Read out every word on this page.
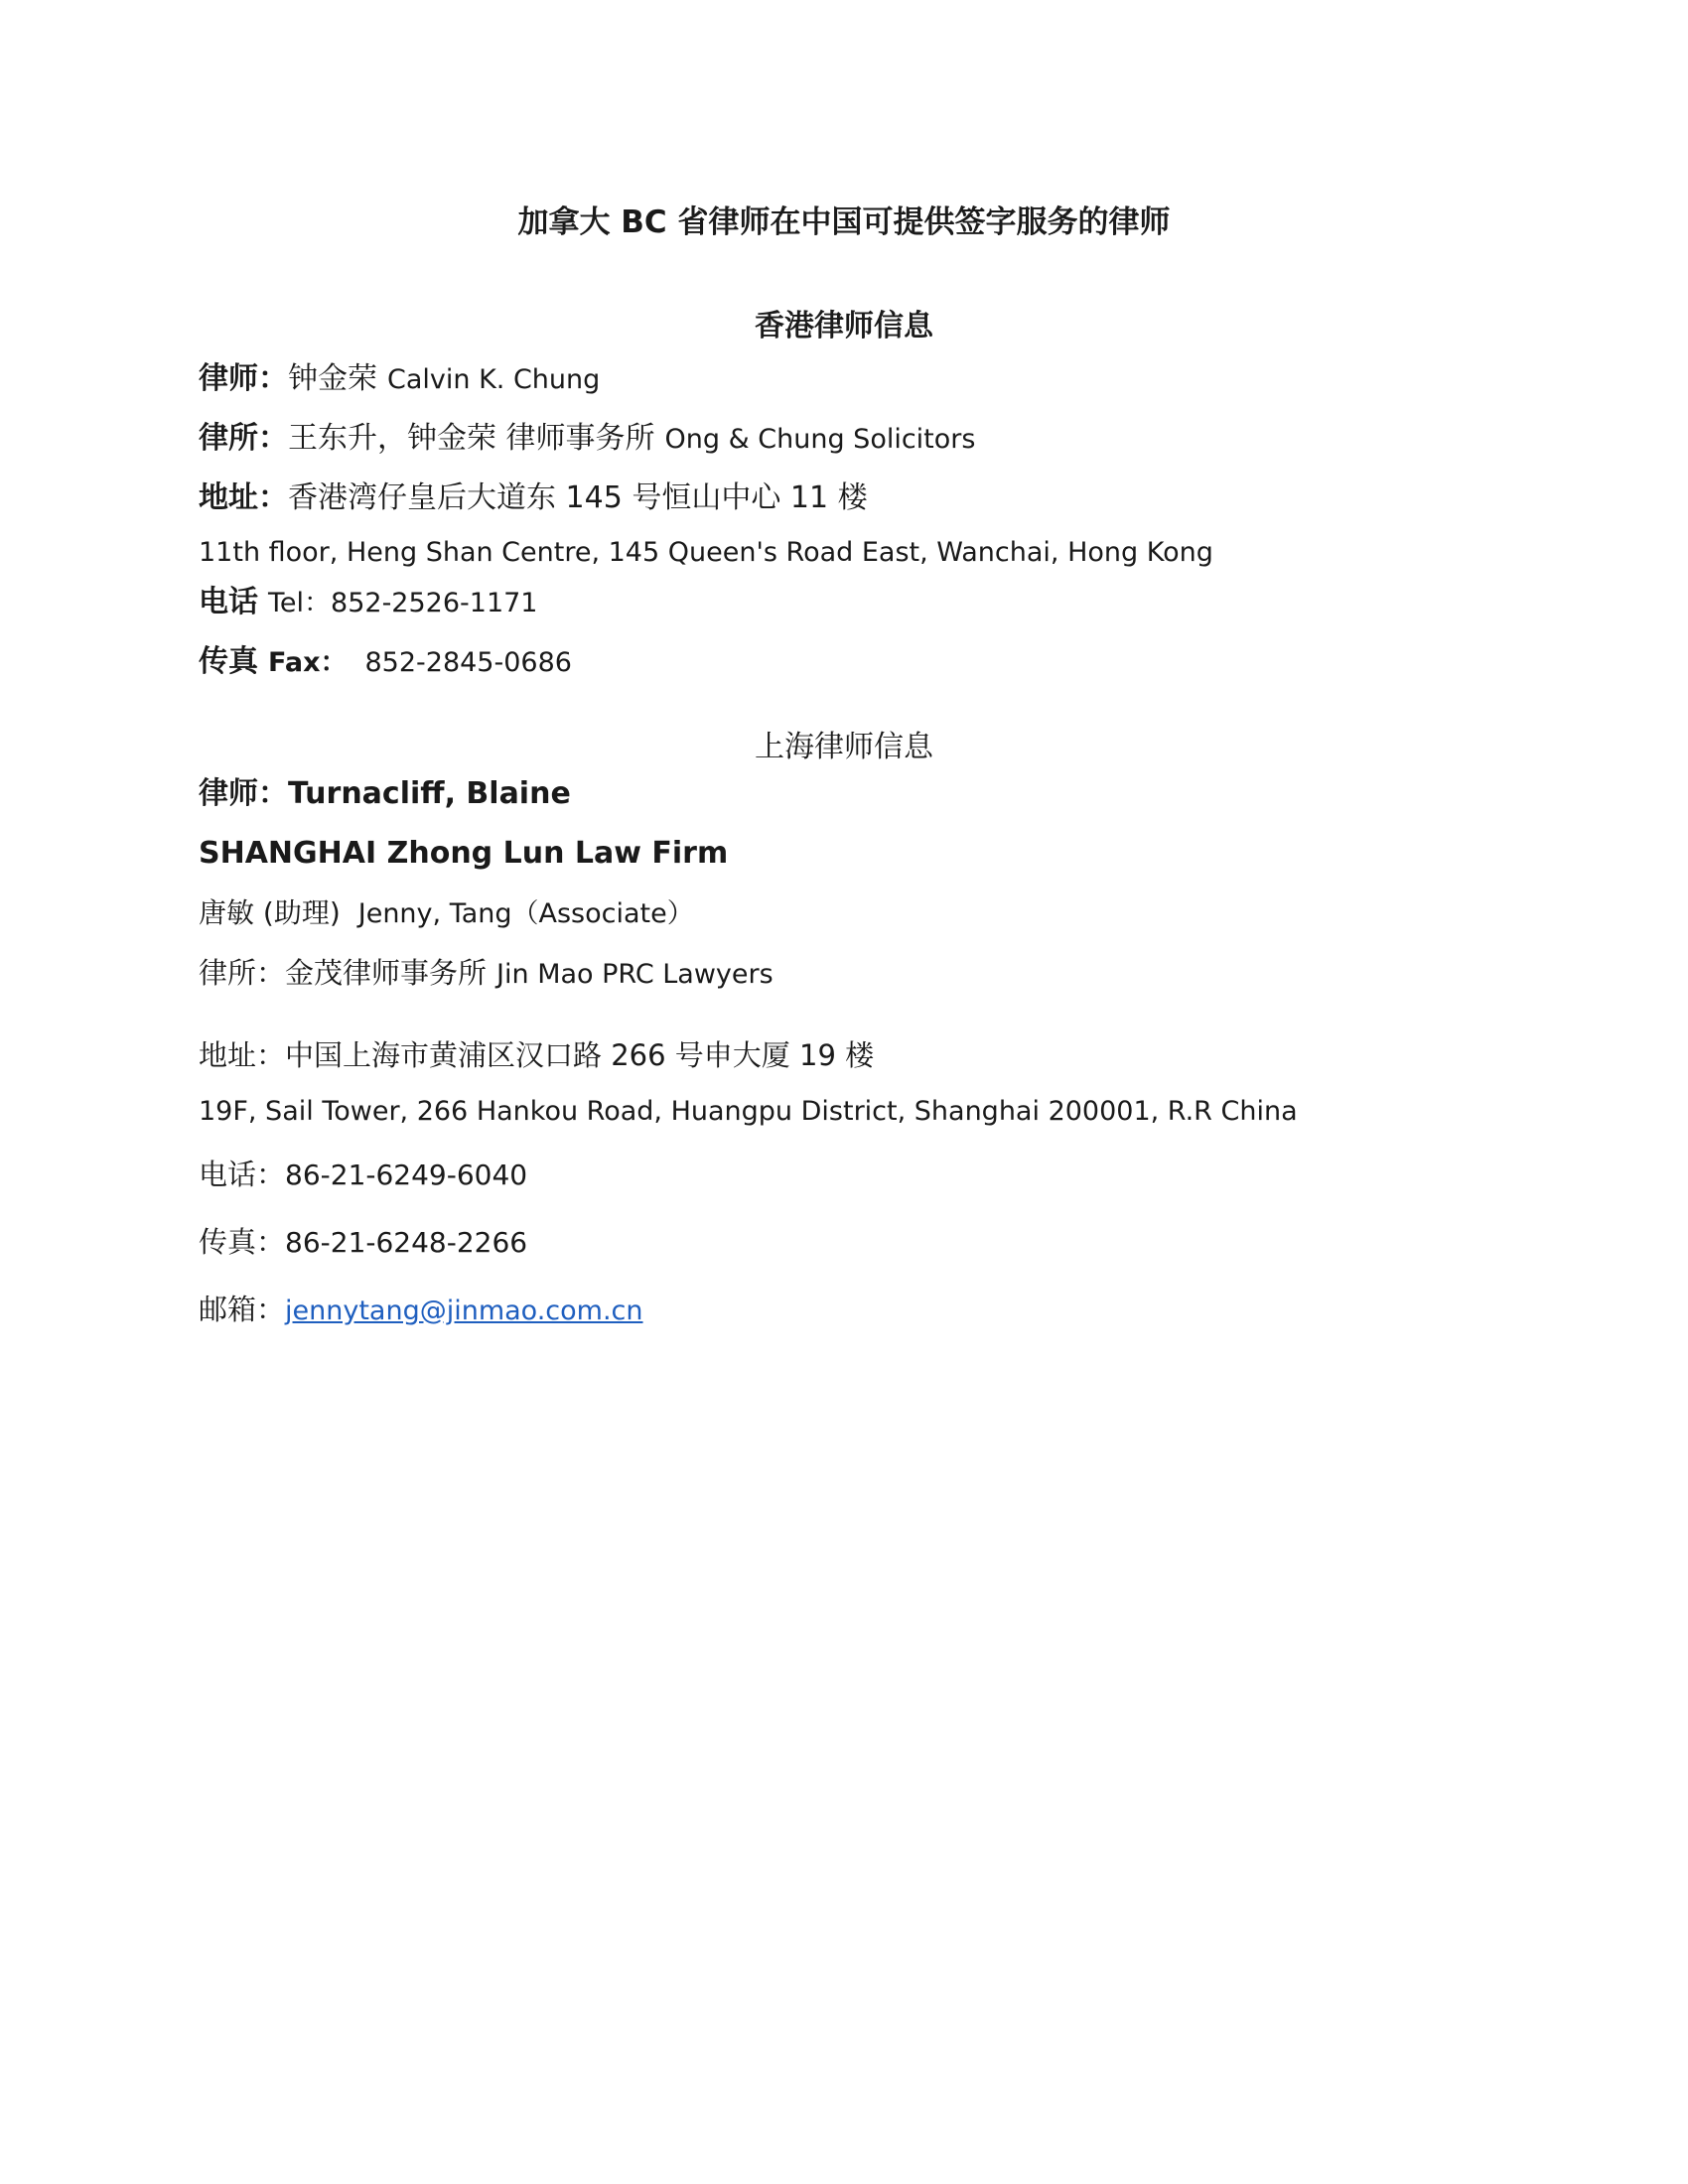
加拿大 BC 省律师在中国可提供签字服务的律师
香港律师信息
律师：钟金荣 Calvin K. Chung
律所：王东升，钟金荣 律师事务所 Ong & Chung Solicitors
地址：香港湾仔皇后大道东 145 号恒山中心 11 楼
11th floor, Heng Shan Centre, 145 Queen's Road East, Wanchai, Hong Kong
电话 Tel：852-2526-1171
传真 Fax： 852-2845-0686
上海律师信息
律师：Turnacliff, Blaine
SHANGHAI Zhong Lun Law Firm
唐敏 (助理) Jenny, Tang（Associate）
律所：金茂律师事务所 Jin Mao PRC Lawyers
地址：中国上海市黄浦区汉口路 266 号申大厦 19 楼
19F, Sail Tower, 266 Hankou Road, Huangpu District, Shanghai 200001, R.R China
电话：86-21-6249-6040
传真：86-21-6248-2266
邮箱：jennytang@jinmao.com.cn
